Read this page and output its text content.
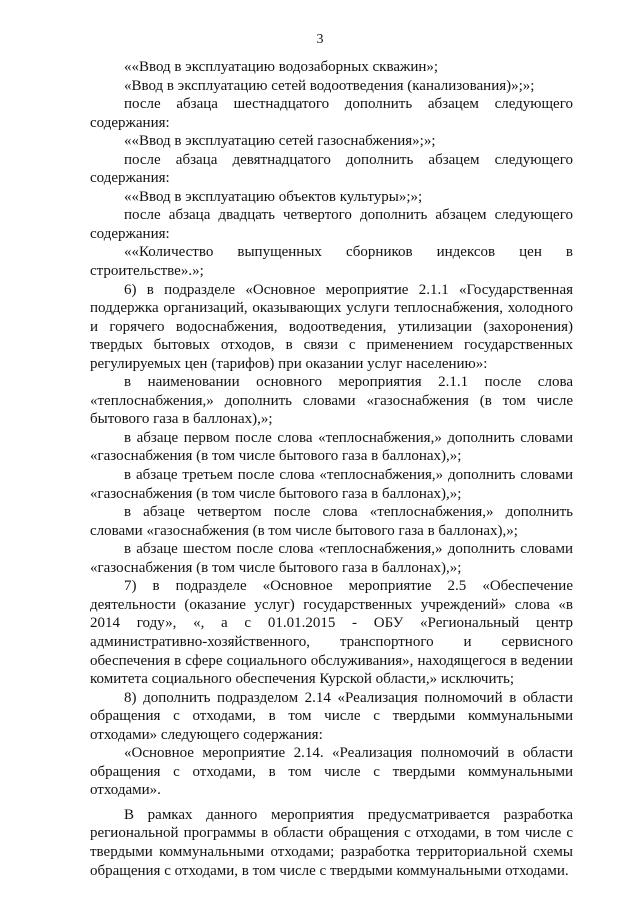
3

««Ввод в эксплуатацию водозаборных скважин»;

«Ввод в эксплуатацию сетей водоотведения (канализования)»;»;

после абзаца шестнадцатого дополнить абзацем следующего
содержания:

««Ввод в эксплуатацию сетей газоснабжения»;»;

после абзаца девятнадцатого дополнить абзацем следующего
содержания:

««Ввод в эксплуатацию объектов культуры»;»;

после абзаца двадцать четвертого дополнить абзацем следующего
содержания:

««Количество выпущенных сборников индексов цен в
строительстве».»;

6) в подразделе «Основное мероприятие 2.1.1 «Государственная
поддержка организаций, оказывающих услуги теплоснабжения, холодного
и горячего водоснабжения, водоотведения, утилизации (захоронения)
твердых бытовых отходов, в связи с применением государственных
регулируемых цен (тарифов) при оказании услуг населению»:

в наименовании основного мероприятия 2.1.1 после слова
«теплоснабжения,» дополнить словами «газоснабжения (в том числе
бытового газа в баллонах),»;

в абзаце первом после слова «теплоснабжения,» дополнить словами
«газоснабжения (в том числе бытового газа в баллонах),»;

в абзаце третьем после слова «теплоснабжения,» дополнить словами
«газоснабжения (в том числе бытового газа в баллонах),»;

в абзаце четвертом после слова «теплоснабжения,» дополнить
словами «газоснабжения (в том числе бытового газа в баллонах),»;

в абзаце шестом после слова «теплоснабжения,» дополнить словами
«газоснабжения (в том числе бытового газа в баллонах),»;

7) в подразделе «Основное мероприятие 2.5 «Обеспечение
деятельности (оказание услуг) государственных учреждений» слова «в
2014 году», «, а с 01.01.2015 - ОБУ «Региональный центр
административно-хозяйственного, транспортного и сервисного
обеспечения в сфере социального обслуживания», находящегося в ведении
комитета социального обеспечения Курской области,» исключить;

8) дополнить подразделом 2.14 «Реализация полномочий в области
обращения с отходами, в том числе с твердыми коммунальными
отходами» следующего содержания:

«Основное мероприятие 2.14. «Реализация полномочий в области
обращения с отходами, в том числе с твердыми коммунальными
отходами».

В рамках данного мероприятия предусматривается разработка
региональной программы в области обращения с отходами, в том числе с
твердыми коммунальными отходами; разработка территориальной схемы
обращения с отходами, в том числе с твердыми коммунальными отходами.
